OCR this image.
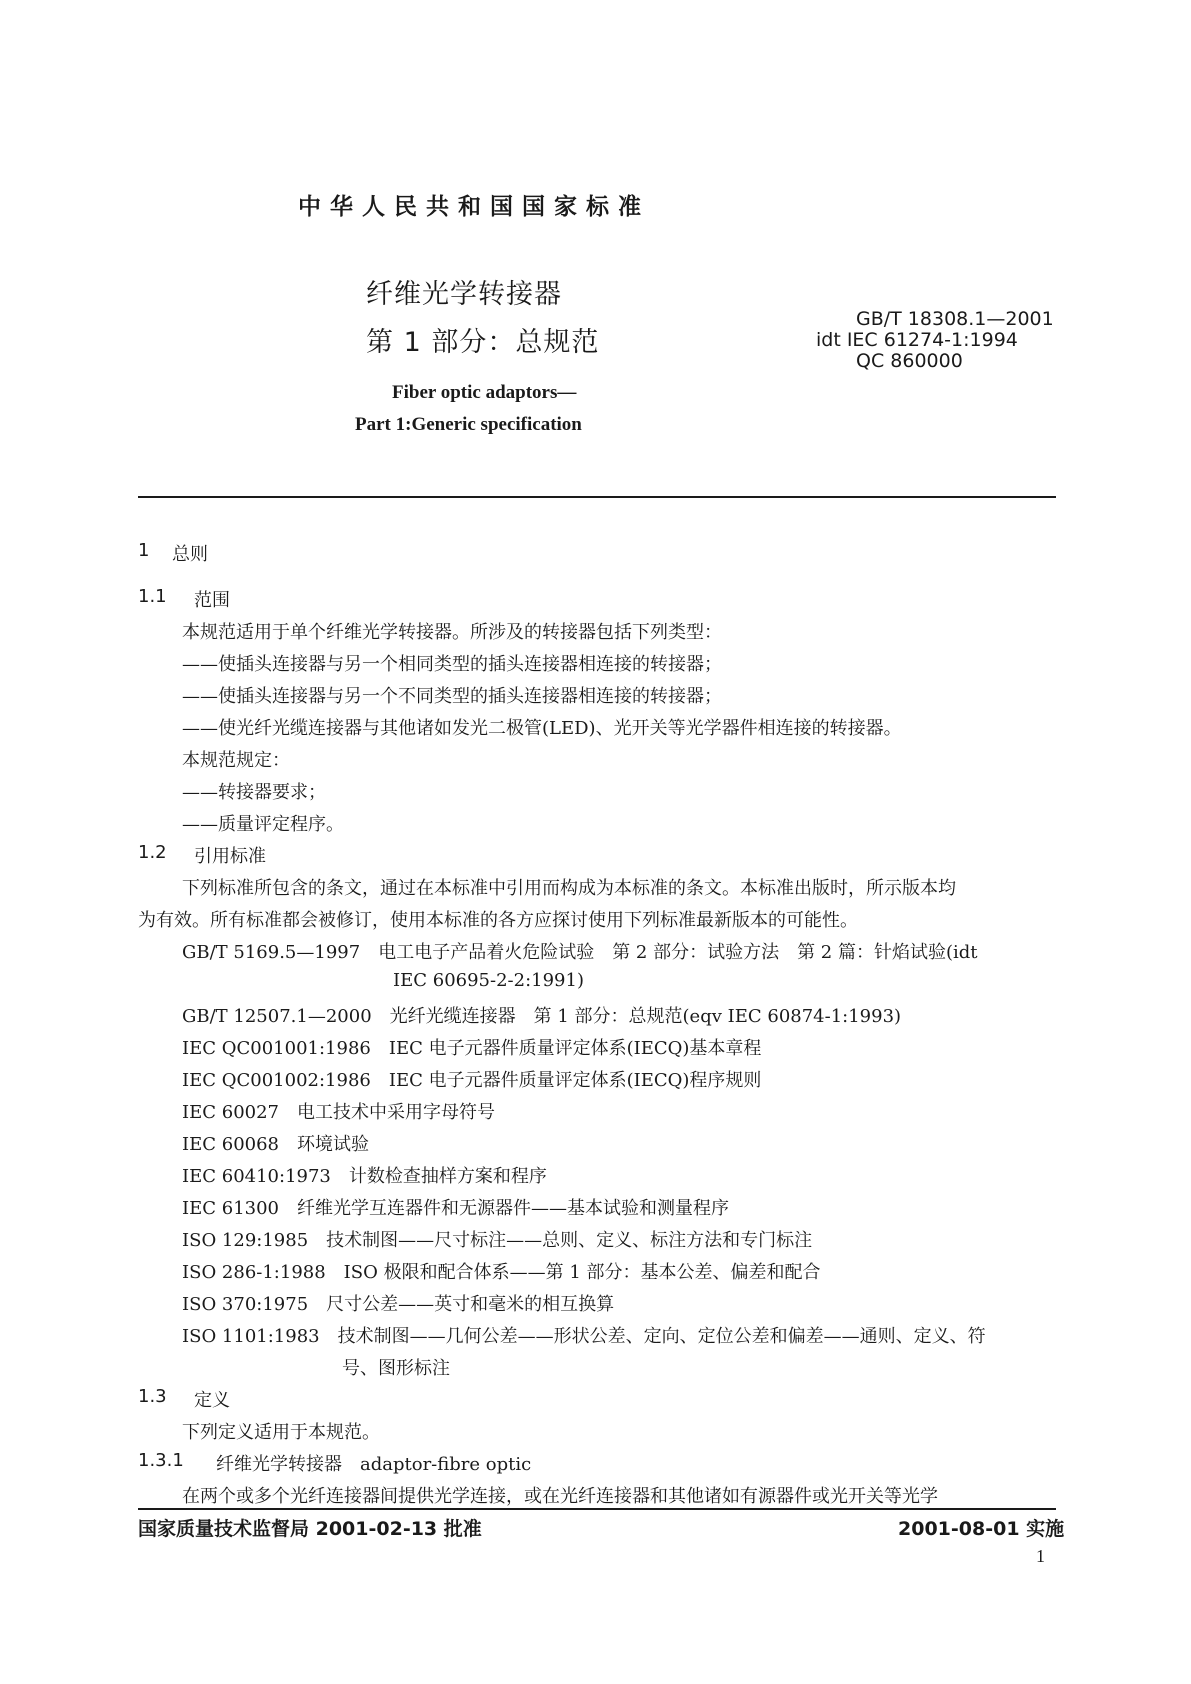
中华人民共和国国家标准
纤维光学转接器
第 1 部分：总规范
GB/T 18308.1—2001
idt IEC 61274-1:1994
QC 860000
Fiber optic adaptors—
Part 1:Generic specification
1 总则
1.1 范围
本规范适用于单个纤维光学转接器。所涉及的转接器包括下列类型：
——使插头连接器与另一个相同类型的插头连接器相连接的转接器；
——使插头连接器与另一个不同类型的插头连接器相连接的转接器；
——使光纤光缆连接器与其他诸如发光二极管(LED)、光开关等光学器件相连接的转接器。
本规范规定：
——转接器要求；
——质量评定程序。
1.2 引用标准
下列标准所包含的条文，通过在本标准中引用而构成为本标准的条文。本标准出版时，所示版本均
为有效。所有标准都会被修订，使用本标准的各方应探讨使用下列标准最新版本的可能性。
GB/T 5169.5—1997　电工电子产品着火危险试验　第 2 部分：试验方法　第 2 篇：针焰试验(idt
IEC 60695-2-2:1991)
GB/T 12507.1—2000　光纤光缆连接器　第 1 部分：总规范(eqv IEC 60874-1:1993)
IEC QC001001:1986　IEC 电子元器件质量评定体系(IECQ)基本章程
IEC QC001002:1986　IEC 电子元器件质量评定体系(IECQ)程序规则
IEC 60027　电工技术中采用字母符号
IEC 60068　环境试验
IEC 60410:1973　计数检查抽样方案和程序
IEC 61300　纤维光学互连器件和无源器件——基本试验和测量程序
ISO 129:1985　技术制图——尺寸标注——总则、定义、标注方法和专门标注
ISO 286-1:1988　ISO 极限和配合体系——第 1 部分：基本公差、偏差和配合
ISO 370:1975　尺寸公差——英寸和毫米的相互换算
ISO 1101:1983　技术制图——几何公差——形状公差、定向、定位公差和偏差——通则、定义、符
号、图形标注
1.3 定义
下列定义适用于本规范。
1.3.1 纤维光学转接器　adaptor-fibre optic
在两个或多个光纤连接器间提供光学连接，或在光纤连接器和其他诸如有源器件或光开关等光学
国家质量技术监督局 2001-02-13 批准	2001-08-01 实施
1
